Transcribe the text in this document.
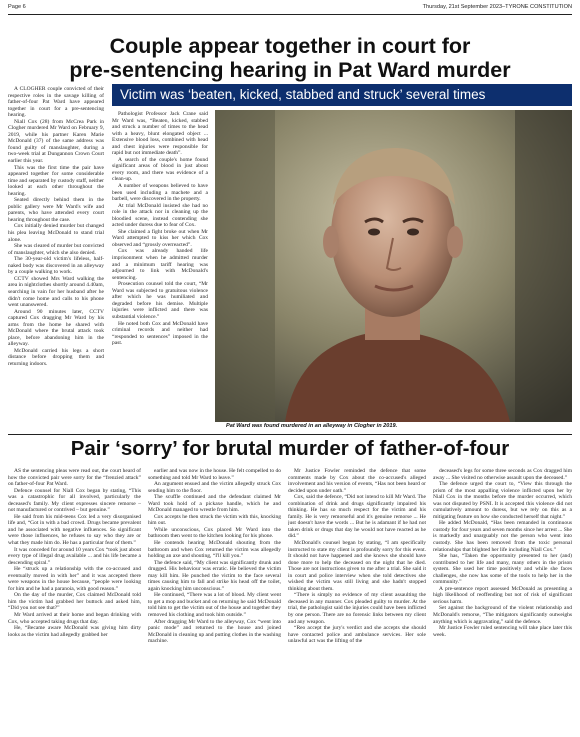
Page 6	Thursday, 21st September 2023–TYRONE CONSTITUTION
Couple appear together in court for
pre-sentencing hearing in Pat Ward murder
Victim was ‘beaten, kicked, stabbed and struck’ several times

A CLOGHER couple convicted of their respective roles in the savage killing of father-of-four Pat Ward have appeared together in court for a pre-sentencing hearing.

Niall Cox (28) from McCrea Park in Clogher murdered Mr Ward on February 9, 2019, while his partner Karen Marie McDonald (37) of the same address was found guilty of manslaughter, during a two-week trial at Dungannon Crown Court earlier this year.

This was the first time the pair have appeared together for some considerable time and separated by custody staff, neither looked at each other throughout the hearing.

Seated directly behind them in the public gallery were Mr Ward's wife and parents, who have attended every court hearing throughout the case.

Cox initially denied murder but changed his plea leaving McDonald to stand trial alone.

She was cleared of murder but convicted of manslaughter, which she also denied.

The 30-year-old victim's lifeless, half-naked body was discovered in an alleyway by a couple walking to work.

CCTV showed Mrs Ward walking the area in nightclothes shortly around 4.40am, searching in vain for her husband after he didn't come home and calls to his phone went unanswered.

Around 90 minutes later, CCTV captured Cox dragging Mr Ward by his arms from the home he shared with McDonald where the brutal attack took place, before abandoning him in the alleyway.

McDonald carried his legs a short distance before dropping them and returning indoors.

Pathologist Professor Jack Crane said Mr Ward was, “Beaten, kicked, stabbed and struck a number of times to the head with a heavy, blunt elongated object ... Extensive blood loss, combined with head and chest injuries were responsible for rapid but not immediate death”.

A search of the couple's home found significant areas of blood in just about every room, and there was evidence of a clean-up.

A number of weapons believed to have been used including a machete and a barbell, were discovered in the property.

At trial McDonald insisted she had no role in the attack nor in cleaning up the bloodied scene, instead contending she acted under duress due to fear of Cox.

She claimed a fight broke out when Mr Ward attempted to kiss her which Cox observed and “grossly overreacted”.

Cox was already handed life imprisonment when he admitted murder and a minimum tariff hearing was adjourned to link with McDonald's sentencing.

Prosecution counsel told the court, “Mr Ward was subjected to gratuitous violence after which he was humiliated and degraded before his demise. Multiple injuries were inflicted and there was substantial violence.”

He noted both Cox and McDonald have criminal records and neither had “responded to sentences” imposed in the past.

Pat Ward was found murdered in an alleyway in Clogher in 2019.
Pair ‘sorry’ for brutal murder of father-of-four

AS the sentencing pleas were read out, the court heard of how the convicted pair were sorry for the “frenzied attack” on father-of-four Pat Ward.

Defence counsel for Niall Cox began by stating, “This was a catastrophic for all involved, particularly the deceased's family. My client expresses sincere remorse – not manufactured or contrived – but genuine.”

He said from his mid-teens Cox led a very disorganised life and, “Got in with a bad crowd. Drugs became prevalent and he associated with negative influences. So significant were those influences, he refuses to say who they are or what they made him do. He has a particular fear of them.”

It was conceded for around 10 years Cox “took just about every type of illegal drug available ... and his life became a descending spiral.”

He “struck up a relationship with the co-accused and eventually moved in with her” and it was accepted there were weapons in the house because, “people were looking for him and he had a paranoia, with good reason.”

On the day of the murder, Cox claimed McDonald told him the victim had grabbed her buttock and asked him, “Did you not see that?”

Mr Ward arrived at their home and began drinking with Cox, who accepted taking drugs that day.

He, “Became aware McDonald was giving him dirty looks as the victim had allegedly grabbed her

earlier and was now in the house. He felt compelled to do something and told Mr Ward to leave.”

An argument ensued and the victim allegedly struck Cox sending him to the floor.

The scuffle continued and the defendant claimed Mr Ward took hold of a pickaxe handle, which he and McDonald managed to wrestle from him.

Cox accepts he then struck the victim with this, knocking him out.

While unconscious, Cox placed Mr Ward into the bathroom then went to the kitchen looking for his phone.

He contends hearing McDonald shouting from the bathroom and when Cox returned the victim was allegedly holding an axe and shouting, “I'll kill you.”

The defence said, “My client was significantly drunk and drugged. His behaviour was erratic. He believed the victim may kill him. He punched the victim to the face several times causing him to fall and strike his head off the toilet, again knocking him unconscious.”

He continued, “There was a lot of blood. My client went to get a mop and bucket and on returning he said McDonald told him to get the victim out of the house and together they removed his clothing and took him outside.”

After dragging Mr Ward to the alleyway, Cox “went into panic mode” and returned to the house and joined McDonald in cleaning up and putting clothes in the washing machine.

Mr Justice Fowler reminded the defence that some comments made by Cox about the co-accused's alleged involvement and his version of events, “Has not been heard or decided upon under oath.”

Cox, said the defence, “Did not intend to kill Mr Ward. The combination of drink and drugs significantly impaired his thinking. He has so much respect for the victim and his family. He is very remorseful and it's genuine remorse ... He just doesn't have the words ... But he is adamant if he had not taken drink or drugs that day he would not have reacted as he did.”

McDonald's counsel began by stating, “I am specifically instructed to state my client is profoundly sorry for this event. It should not have happened and she knows she should have done more to help the deceased on the night that he died. Those are not instructions given to me after a trial. She said it in court and police interview when she told detectives she wished the victim was still living and she hadn't stopped thinking about them.

“There is simply no evidence of my client assaulting the deceased in any manner. Cox pleaded guilty to murder. At the trial, the pathologist said the injuries could have been inflicted by one person. There are no forensic links between my client and any weapon.

“Reo accept the jury's verdict and she accepts she should have contacted police and ambulance services. Her sole unlawful act was the lifting of the

deceased's legs for some three seconds as Cox dragged him away ... She visited no otherwise assault upon the deceased.”

The defence urged the court to, “View this through the prism of the most appalling violence inflicted upon her by Niall Cox in the months before the murder occurred, which was not disputed by PSNI. It is accepted this violence did not cumulatively amount to duress, but we rely on this as a mitigating feature on how she conducted herself that night.”

He added McDonald, “Has been remanded in continuous custody for four years and seven months since her arrest ... She is markedly and unarguably not the person who went into custody. She has been removed from the toxic personal relationships that blighted her life including Niall Cox.”

She has, “Taken the opportunity presented to her (and) contributed to her life and many, many others in the prison system. She used her time positively and while she faces challenges, she now has some of the tools to help her in the community.”

A pre-sentence report assessed McDonald as presenting a high likelihood of reoffending but not of risk of significant serious harm.

Set against the background of the violent relationship and McDonald's remorse, “The mitigators significantly outweighs anything which is aggravating,” said the defence.

Mr Justice Fowler ruled sentencing will take place later this week.
